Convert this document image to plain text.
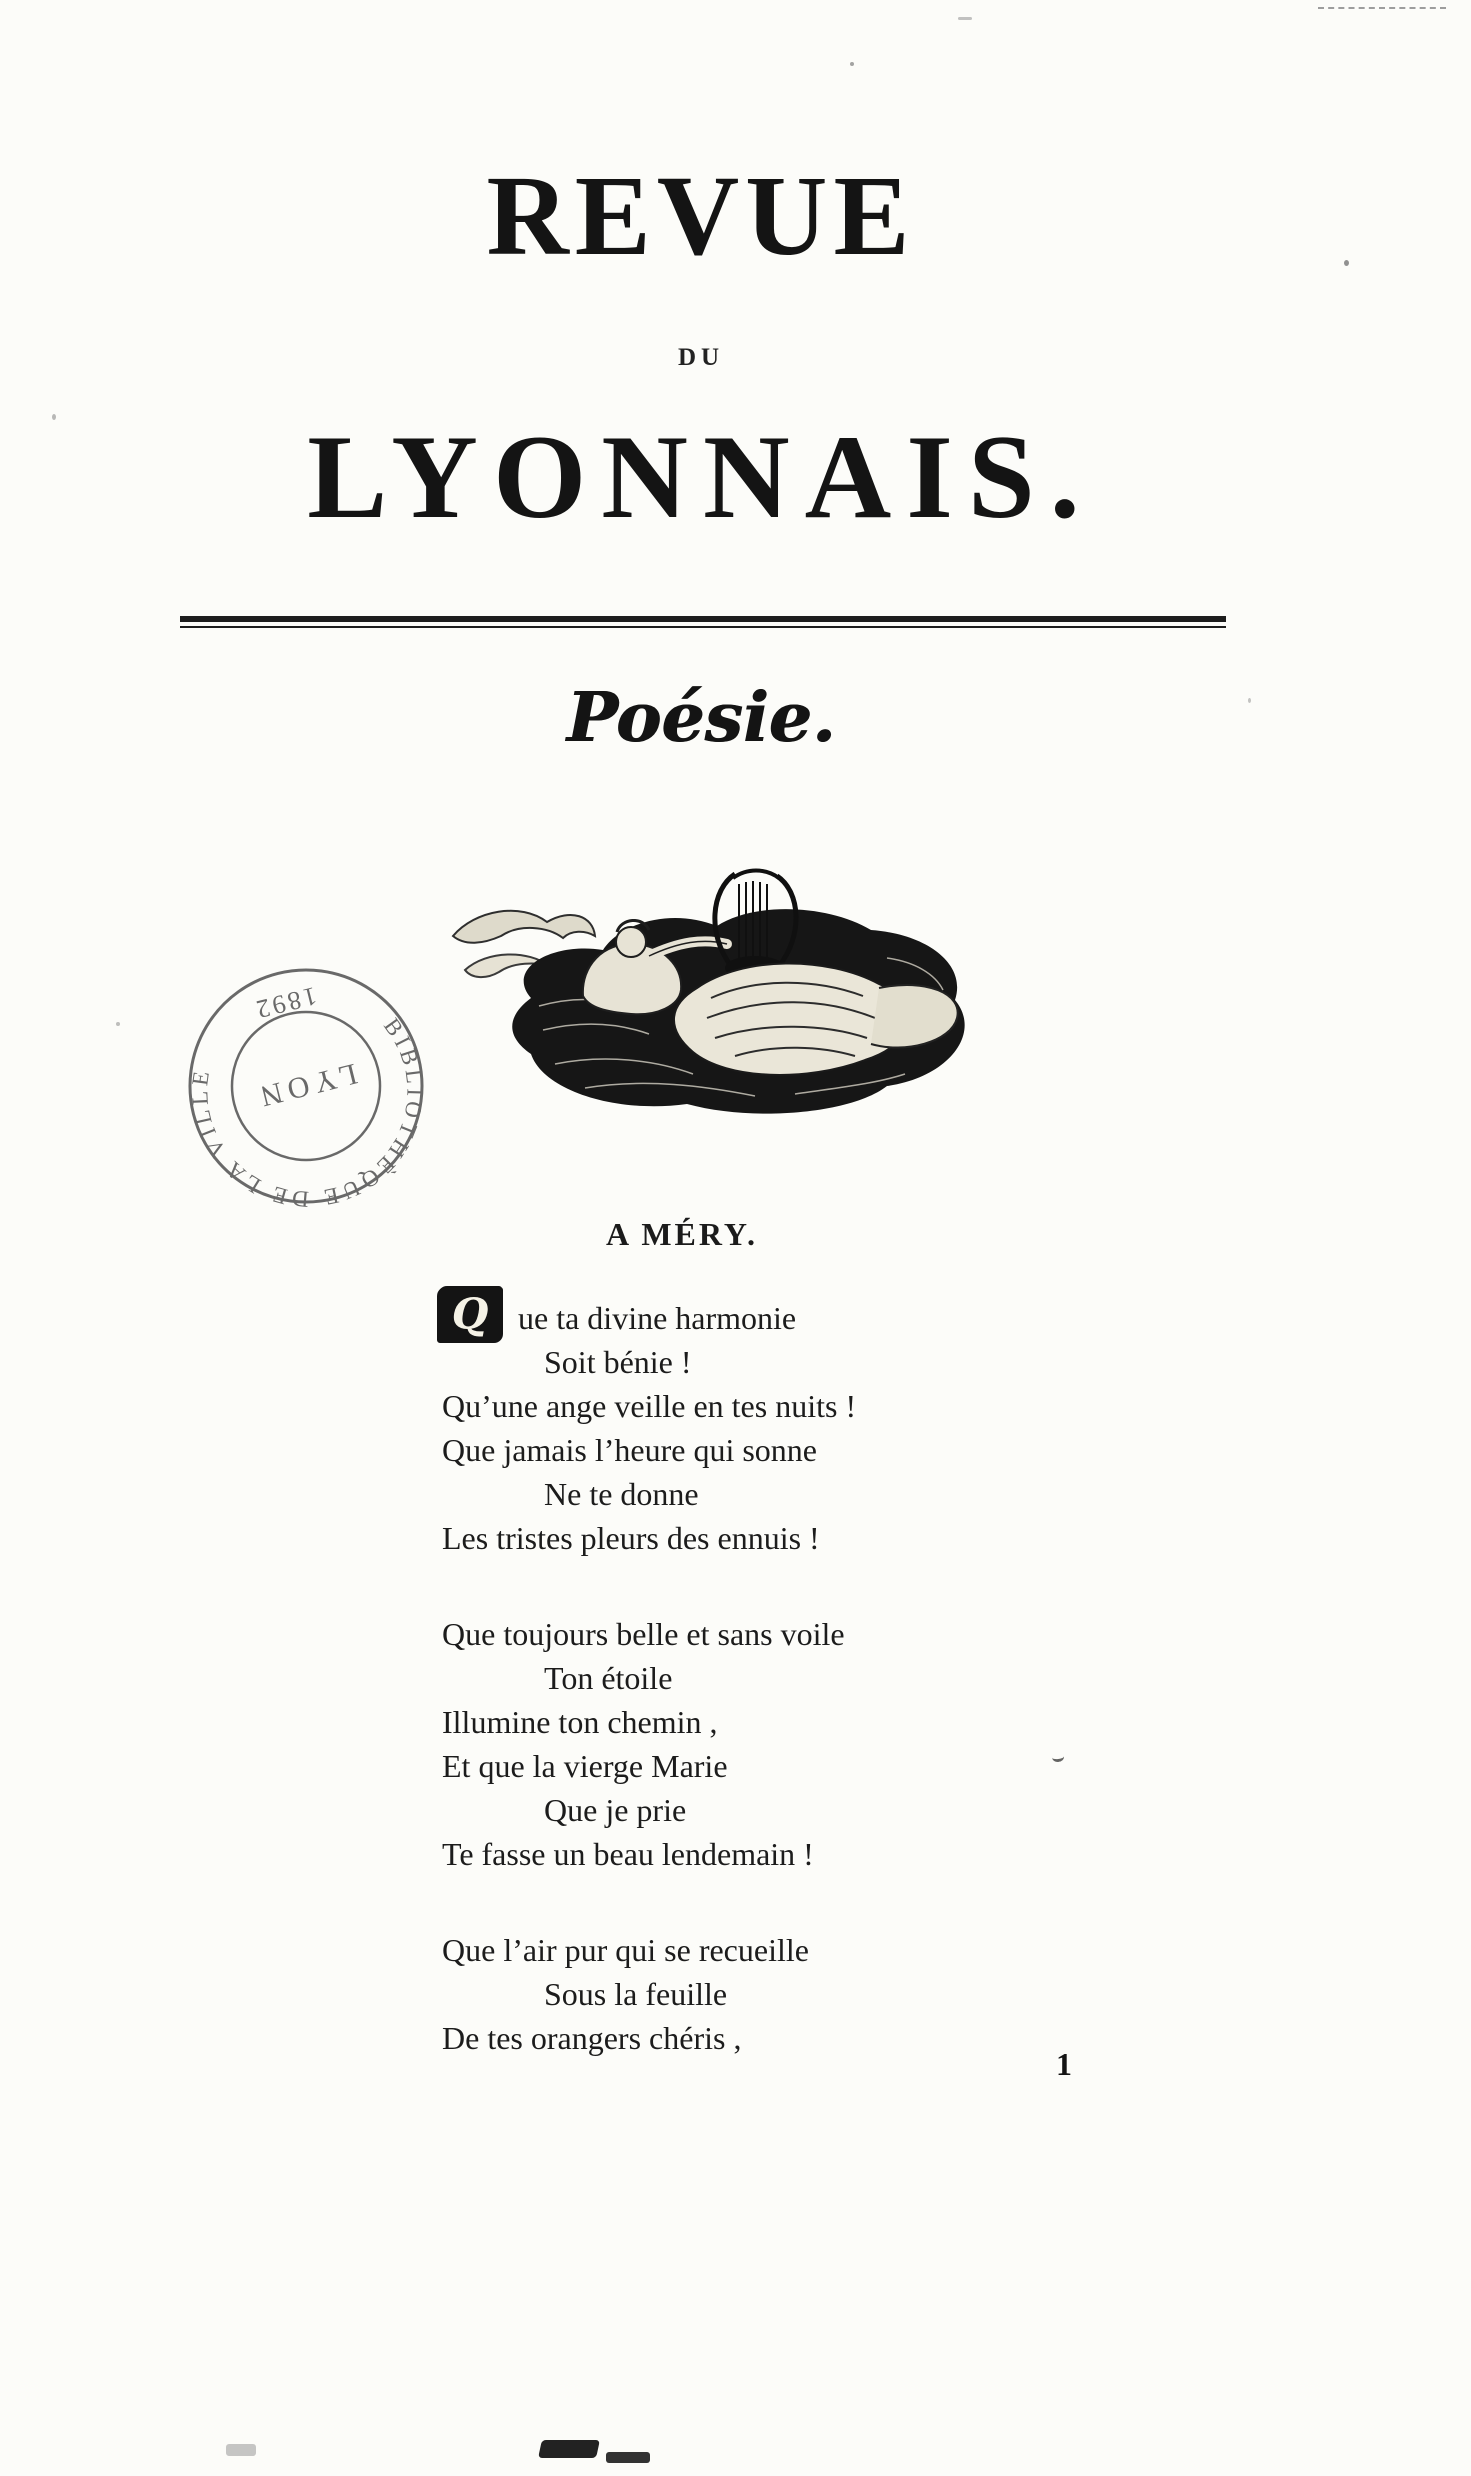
REVUE
DU
LYONNAIS.
Poésie.
BIBLIOTHÈQUE DE LA VILLE	LYON
1892
A MÉRY.
Q ue ta divine harmonie
Soit bénie !
Qu’une ange veille en tes nuits !
Que jamais l’heure qui sonne
Ne te donne
Les tristes pleurs des ennuis !
Que toujours belle et sans voile
Ton étoile
Illumine ton chemin ,
Et que la vierge Marie
Que je prie
Te fasse un beau lendemain !
Que l’air pur qui se recueille
Sous la feuille
De tes orangers chéris ,
1
